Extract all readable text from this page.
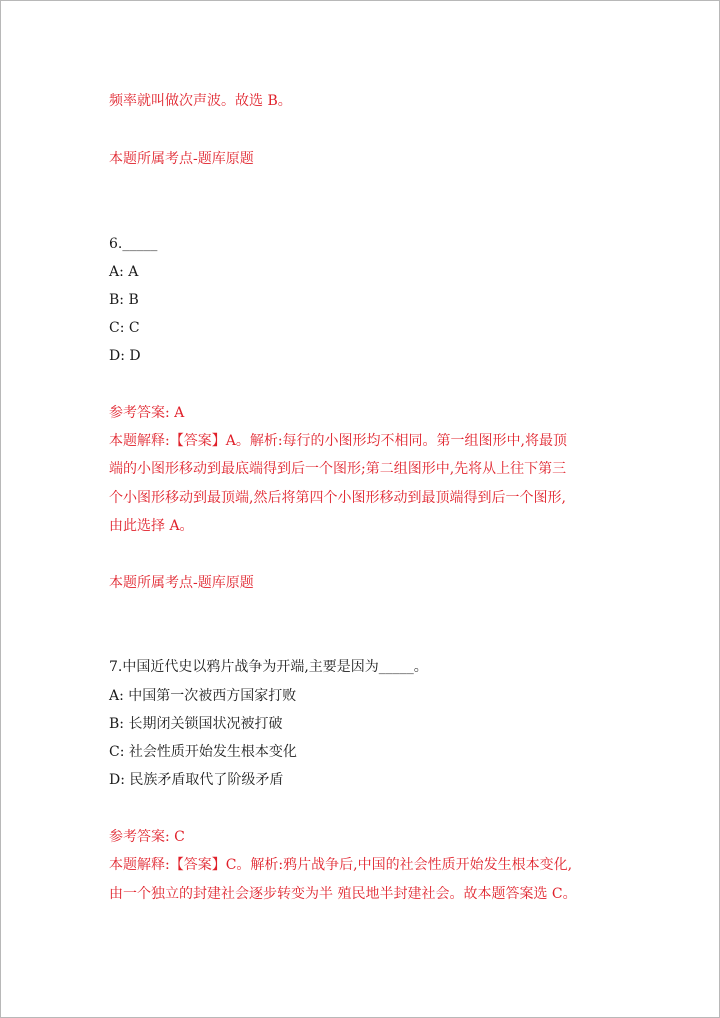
频率就叫做次声波。故选 B。

本题所属考点-题库原题

6._____

A: A

B: B

C: C

D: D

参考答案: A

本题解释:【答案】A。解析:每行的小图形均不相同。第一组图形中,将最顶

端的小图形移动到最底端得到后一个图形;第二组图形中,先将从上往下第三

个小图形移动到最顶端,然后将第四个小图形移动到最顶端得到后一个图形,

由此选择 A。

本题所属考点-题库原题

7.中国近代史以鸦片战争为开端,主要是因为_____。

A: 中国第一次被西方国家打败

B: 长期闭关锁国状况被打破

C: 社会性质开始发生根本变化

D: 民族矛盾取代了阶级矛盾

参考答案: C

本题解释:【答案】C。解析:鸦片战争后,中国的社会性质开始发生根本变化,

由一个独立的封建社会逐步转变为半 殖民地半封建社会。故本题答案选 C。
